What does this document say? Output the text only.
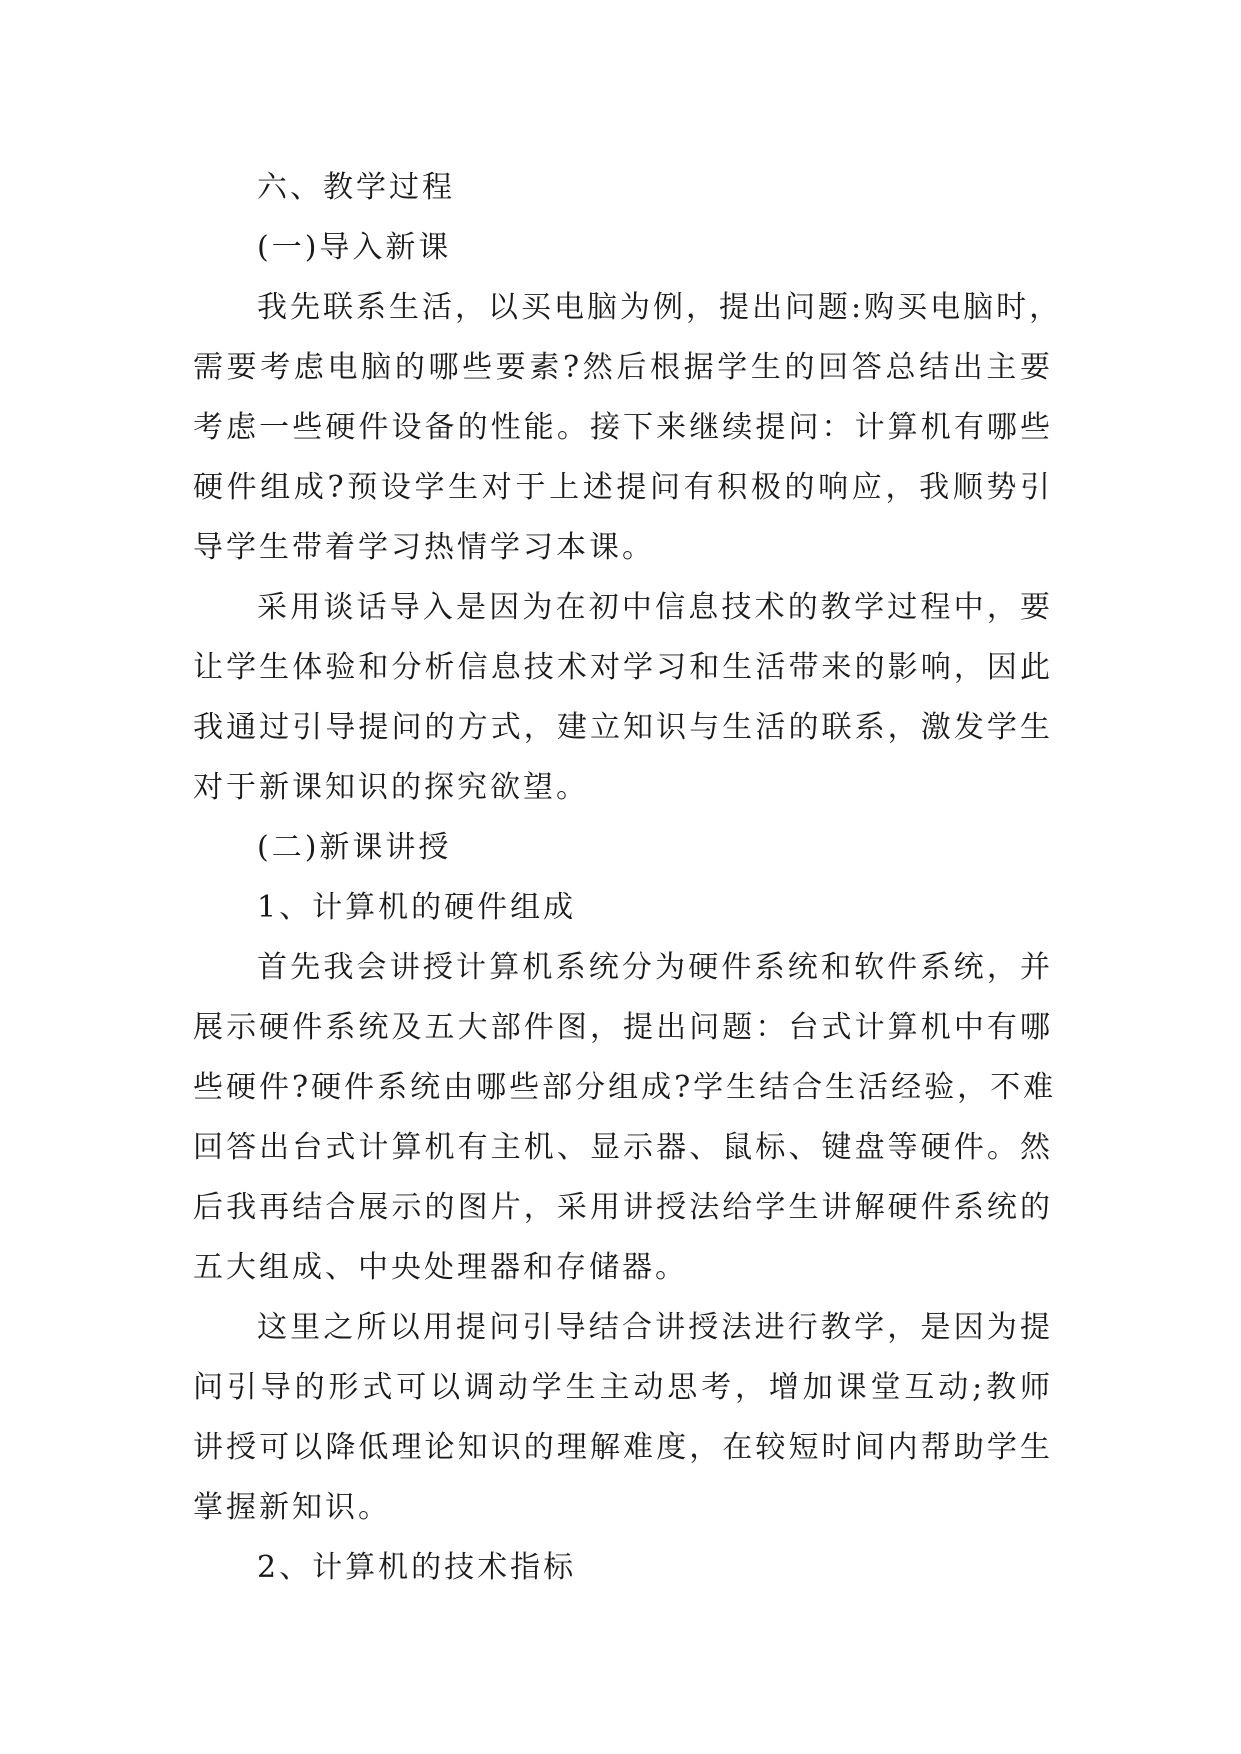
六、教学过程
(一)导入新课
我先联系生活，以买电脑为例，提出问题:购买电脑时，
需要考虑电脑的哪些要素?然后根据学生的回答总结出主要
考虑一些硬件设备的性能。接下来继续提问：计算机有哪些
硬件组成?预设学生对于上述提问有积极的响应，我顺势引
导学生带着学习热情学习本课。
采用谈话导入是因为在初中信息技术的教学过程中，要
让学生体验和分析信息技术对学习和生活带来的影响，因此
我通过引导提问的方式，建立知识与生活的联系，激发学生
对于新课知识的探究欲望。
(二)新课讲授
1、计算机的硬件组成
首先我会讲授计算机系统分为硬件系统和软件系统，并
展示硬件系统及五大部件图，提出问题：台式计算机中有哪
些硬件?硬件系统由哪些部分组成?学生结合生活经验，不难
回答出台式计算机有主机、显示器、鼠标、键盘等硬件。然
后我再结合展示的图片，采用讲授法给学生讲解硬件系统的
五大组成、中央处理器和存储器。
这里之所以用提问引导结合讲授法进行教学，是因为提
问引导的形式可以调动学生主动思考，增加课堂互动;教师
讲授可以降低理论知识的理解难度，在较短时间内帮助学生
掌握新知识。
2、计算机的技术指标
